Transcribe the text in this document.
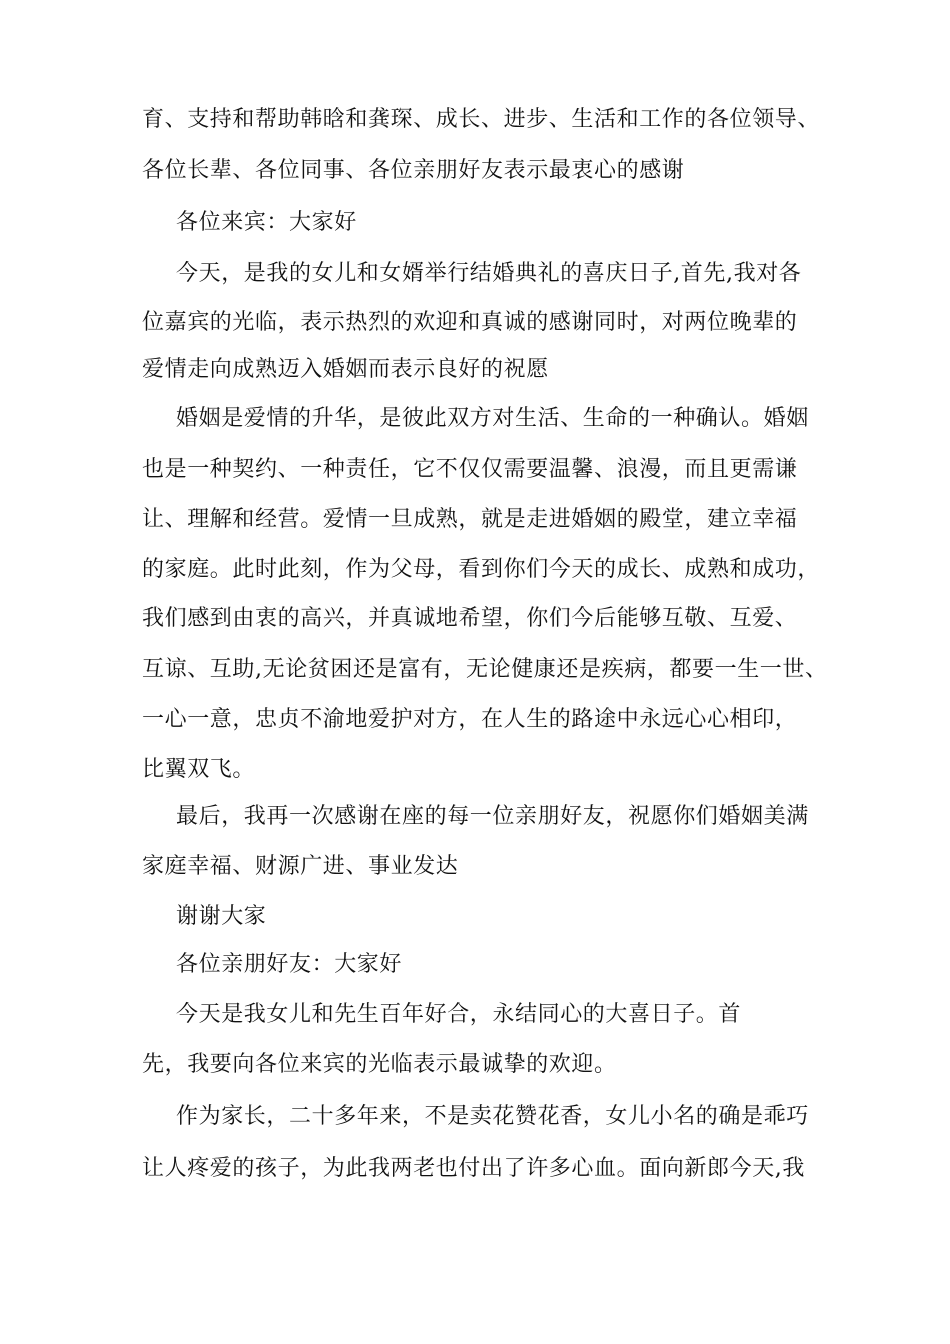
育、支持和帮助韩晗和龚琛、成长、进步、生活和工作的各位领导、
各位长辈、各位同事、各位亲朋好友表示最衷心的感谢
各位来宾：大家好
今天，是我的女儿和女婿举行结婚典礼的喜庆日子,首先,我对各
位嘉宾的光临，表示热烈的欢迎和真诚的感谢同时，对两位晚辈的
爱情走向成熟迈入婚姻而表示良好的祝愿
婚姻是爱情的升华，是彼此双方对生活、生命的一种确认。婚姻
也是一种契约、一种责任，它不仅仅需要温馨、浪漫，而且更需谦
让、理解和经营。爱情一旦成熟，就是走进婚姻的殿堂，建立幸福
的家庭。此时此刻，作为父母，看到你们今天的成长、成熟和成功，
我们感到由衷的高兴，并真诚地希望，你们今后能够互敬、互爱、
互谅、互助,无论贫困还是富有，无论健康还是疾病，都要一生一世、
一心一意，忠贞不渝地爱护对方，在人生的路途中永远心心相印，
比翼双飞。
最后，我再一次感谢在座的每一位亲朋好友，祝愿你们婚姻美满
家庭幸福、财源广进、事业发达
谢谢大家
各位亲朋好友：大家好
今天是我女儿和先生百年好合，永结同心的大喜日子。首
先，我要向各位来宾的光临表示最诚挚的欢迎。
作为家长，二十多年来，不是卖花赞花香，女儿小名的确是乖巧
让人疼爱的孩子，为此我两老也付出了许多心血。面向新郎今天,我
